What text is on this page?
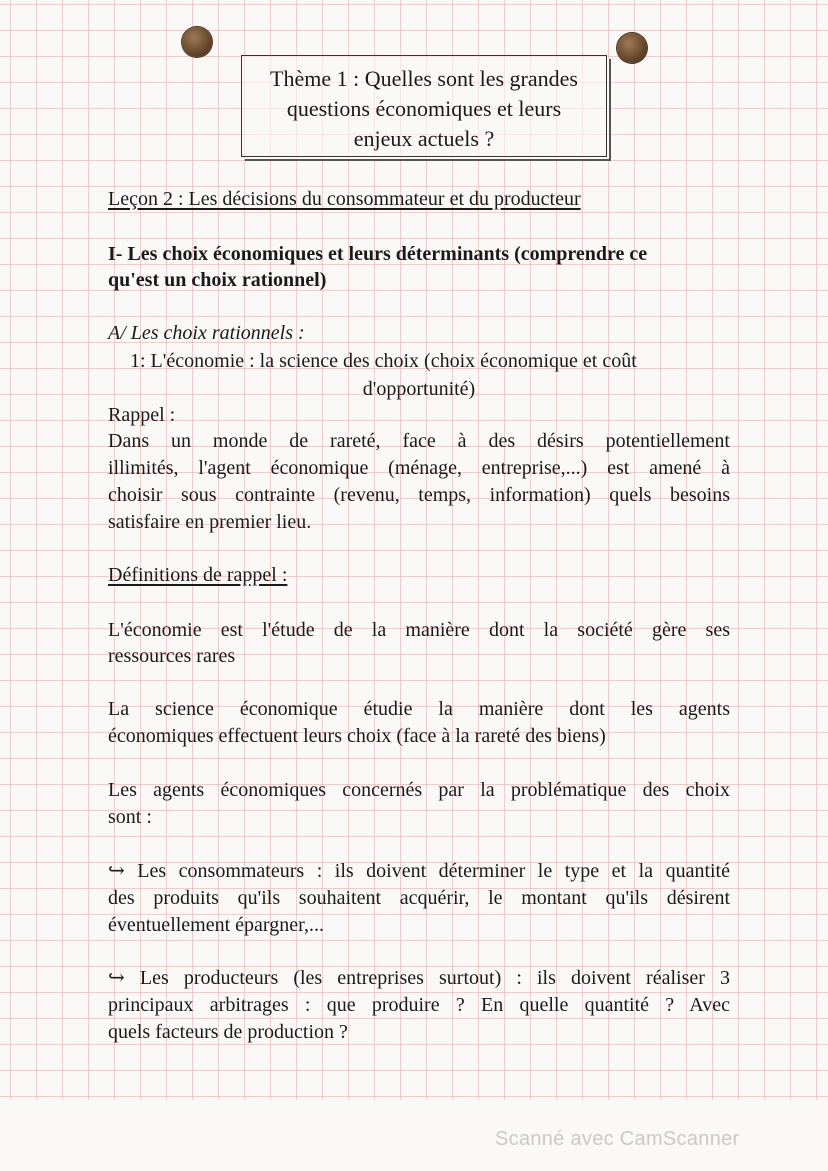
Thème 1 : Quelles sont les grandes
questions économiques et leurs
enjeux actuels ?
Leçon 2 : Les décisions du consommateur et du producteur
I- Les choix économiques et leurs déterminants (comprendre ce
qu'est un choix rationnel)
A/ Les choix rationnels :
1: L'économie : la science des choix (choix économique et coût
d'opportunité)
Rappel :
Dans un monde de rareté, face à des désirs potentiellement
illimités, l'agent économique (ménage, entreprise,...) est amené à
choisir sous contrainte (revenu, temps, information) quels besoins
satisfaire en premier lieu.
Définitions de rappel :
L'économie est l'étude de la manière dont la société gère ses
ressources rares
La science économique étudie la manière dont les agents
économiques effectuent leurs choix (face à la rareté des biens)
Les agents économiques concernés par la problématique des choix
sont :
↪ Les consommateurs : ils doivent déterminer le type et la quantité
des produits qu'ils souhaitent acquérir, le montant qu'ils désirent
éventuellement épargner,...
↪ Les producteurs (les entreprises surtout) : ils doivent réaliser 3
principaux arbitrages : que produire ? En quelle quantité ? Avec
quels facteurs de production ?
Scanné avec CamScanner
